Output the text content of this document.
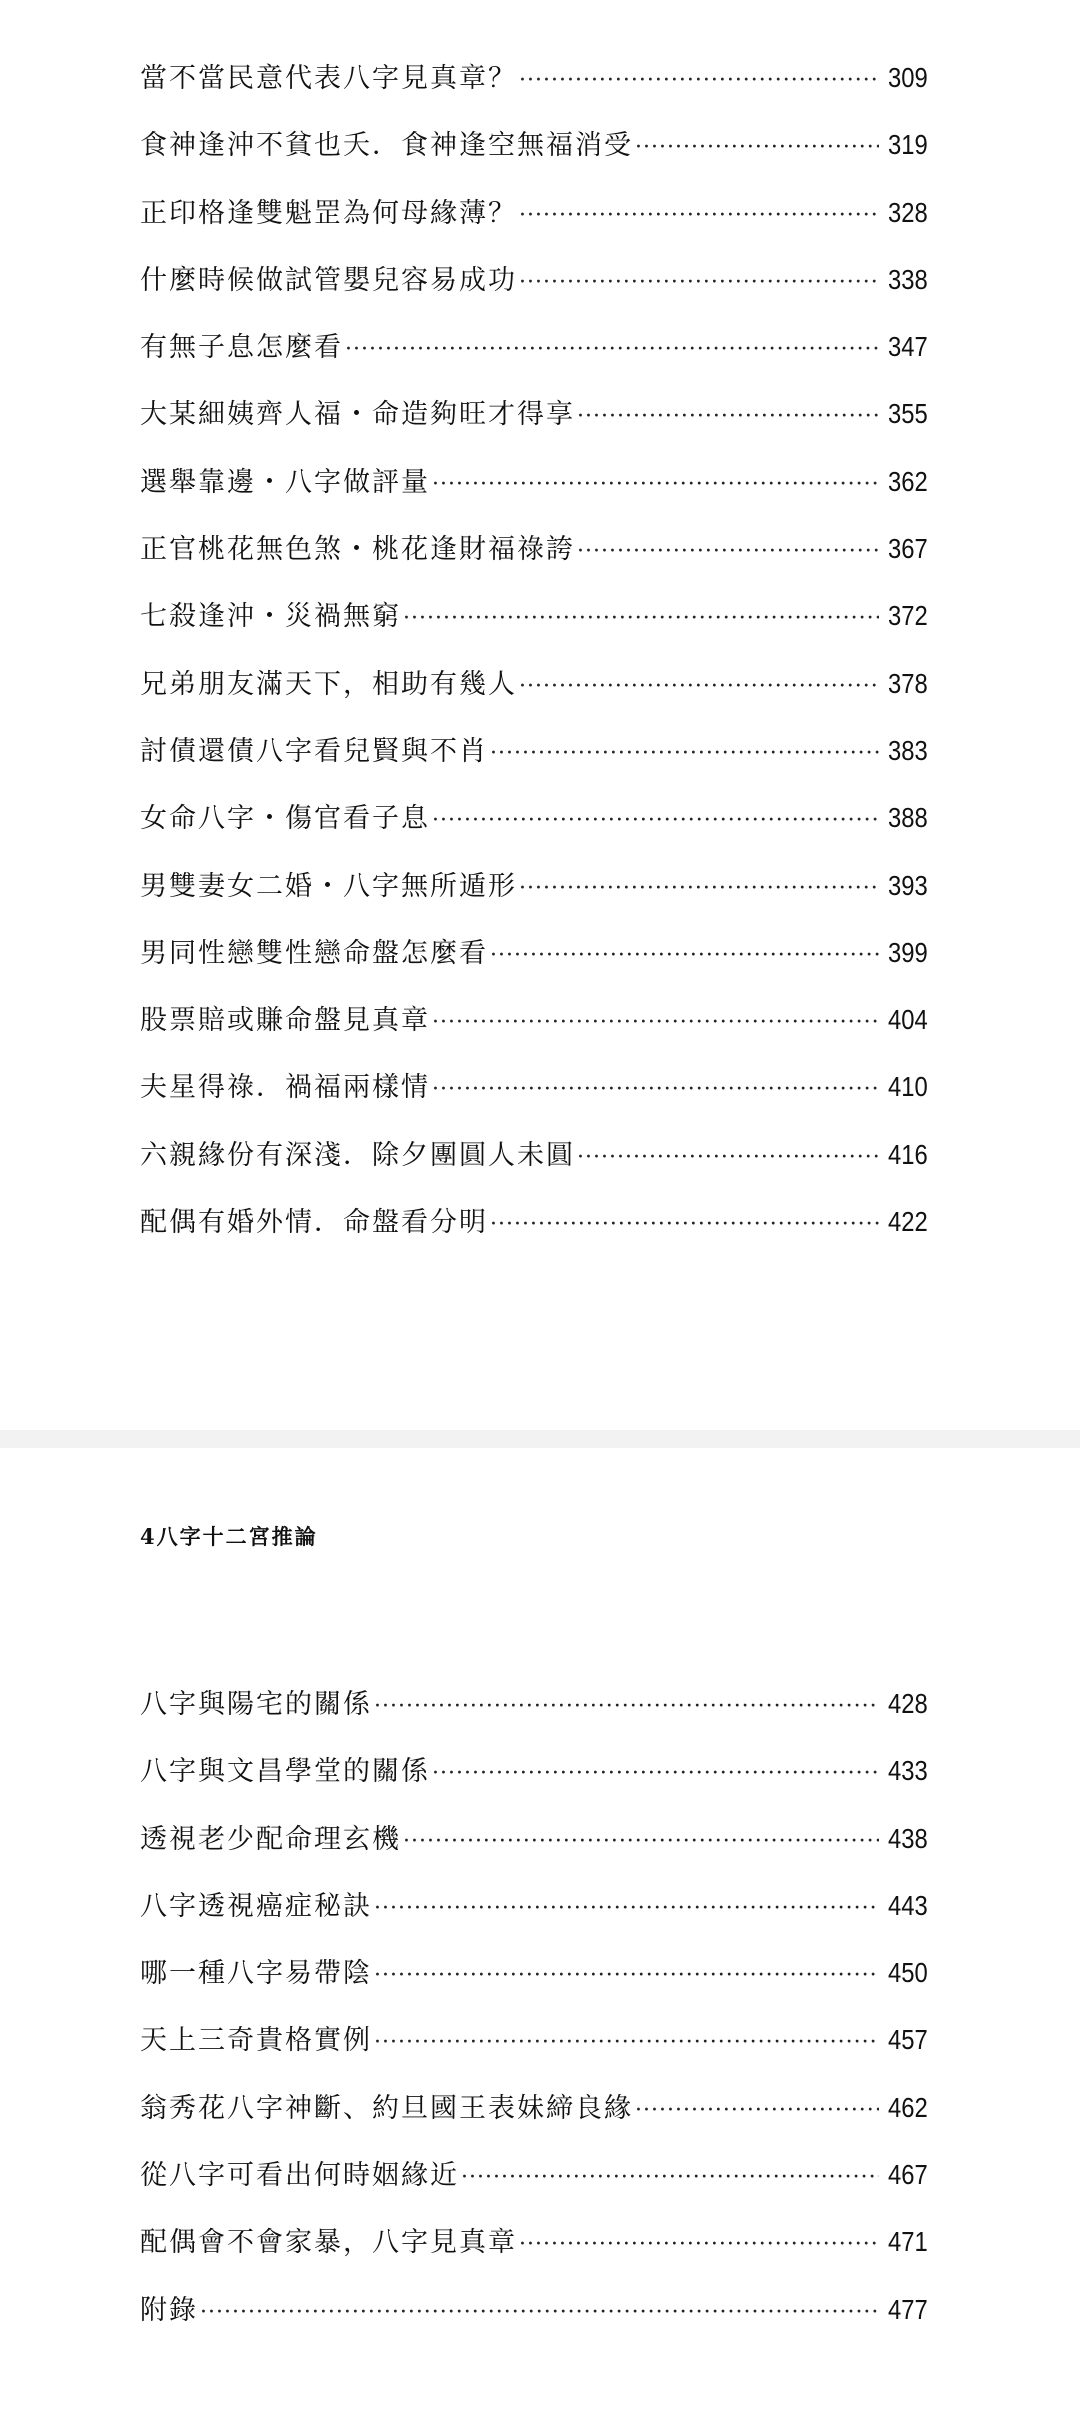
當不當民意代表八字見真章？ ·····	309
食神逢沖不貧也夭．食神逢空無福消受 ·····	319
正印格逢雙魁罡為何母緣薄？ ·····	328
什麼時候做試管嬰兒容易成功 ·····	338
有無子息怎麼看 ·····	347
大某細姨齊人福・命造夠旺才得享 ·····	355
選舉靠邊・八字做評量 ·····	362
正官桃花無色煞・桃花逢財福祿誇 ·····	367
七殺逢沖・災禍無窮 ·····	372
兄弟朋友滿天下，相助有幾人 ·····	378
討債還債八字看兒賢與不肖 ·····	383
女命八字・傷官看子息 ·····	388
男雙妻女二婚・八字無所遁形 ·····	393
男同性戀雙性戀命盤怎麼看 ·····	399
股票賠或賺命盤見真章 ·····	404
夫星得祿．禍福兩樣情 ·····	410
六親緣份有深淺．除夕團圓人未圓 ·····	416
配偶有婚外情．命盤看分明 ·····	422
4八字十二宮推論
八字與陽宅的關係 ·····	428
八字與文昌學堂的關係 ·····	433
透視老少配命理玄機 ·····	438
八字透視癌症秘訣 ·····	443
哪一種八字易帶陰 ·····	450
天上三奇貴格實例 ·····	457
翁秀花八字神斷、約旦國王表妹締良緣 ·····	462
從八字可看出何時姻緣近 ·····	467
配偶會不會家暴，八字見真章 ·····	471
附錄 ·····	477
